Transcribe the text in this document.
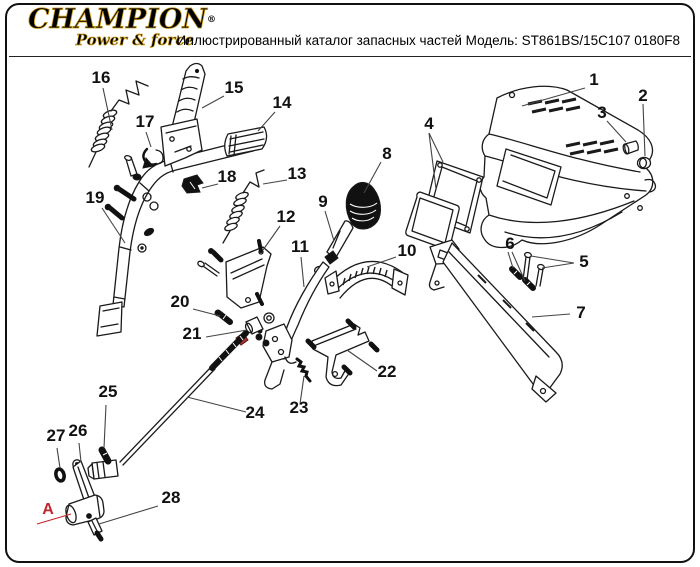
CHAMPION®
Power & force
Иллюстрированный каталог запасных частей Модель: ST861BS/15C107 0180F8
1
2
3
4
5
6
7
8
9
10
11
12
13
14
15
16
17
18
19
20
21
22
23
24
25
26
27
28
A
